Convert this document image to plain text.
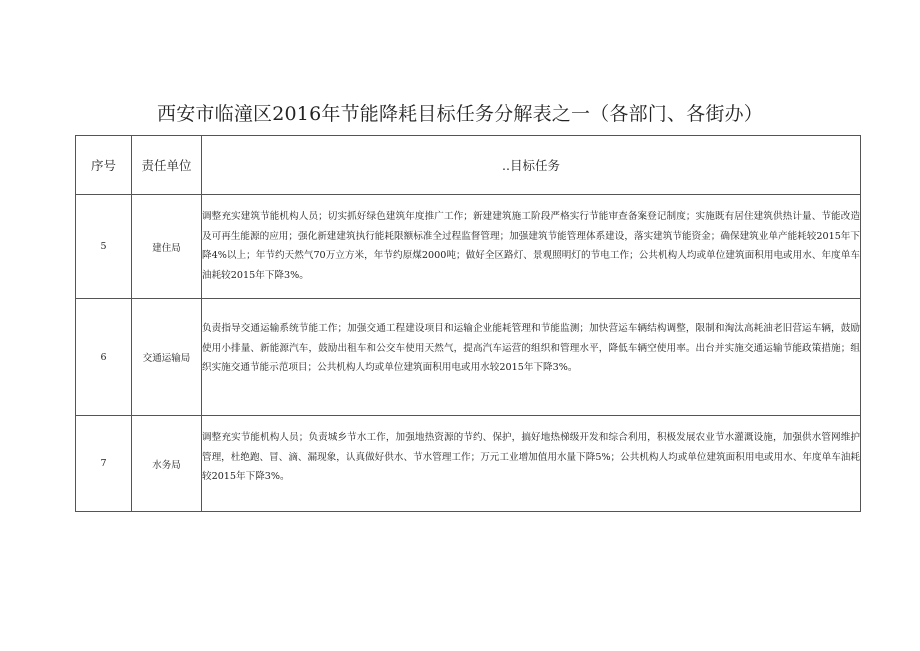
西安市临潼区2016年节能降耗目标任务分解表之一（各部门、各街办）
序号	责任单位	..目标任务
5	建住局	调整充实建筑节能机构人员；切实抓好绿色建筑年度推广工作；新建建筑施工阶段严格实行节能审查备案登记制度；实施既有居住建筑供热计量、节能改造及可再生能源的应用；强化新建建筑执行能耗限额标准全过程监督管理；加强建筑节能管理体系建设，落实建筑节能资金；确保建筑业单产能耗较2015年下降4%以上；年节约天然气70万立方米，年节约原煤2000吨；做好全区路灯、景观照明灯的节电工作；公共机构人均或单位建筑面积用电或用水、年度单车油耗较2015年下降3%。
6	交通运输局	负责指导交通运输系统节能工作；加强交通工程建设项目和运输企业能耗管理和节能监测；加快营运车辆结构调整，限制和淘汰高耗油老旧营运车辆，鼓励使用小排量、新能源汽车，鼓励出租车和公交车使用天然气，提高汽车运营的组织和管理水平，降低车辆空使用率。出台并实施交通运输节能政策措施；组织实施交通节能示范项目；公共机构人均或单位建筑面积用电或用水较2015年下降3%。
7	水务局	调整充实节能机构人员；负责城乡节水工作，加强地热资源的节约、保护，搞好地热梯级开发和综合利用，积极发展农业节水灌溉设施，加强供水管网维护管理，杜绝跑、冒、滴、漏现象，认真做好供水、节水管理工作；万元工业增加值用水量下降5%；公共机构人均或单位建筑面积用电或用水、年度单车油耗较2015年下降3%。
